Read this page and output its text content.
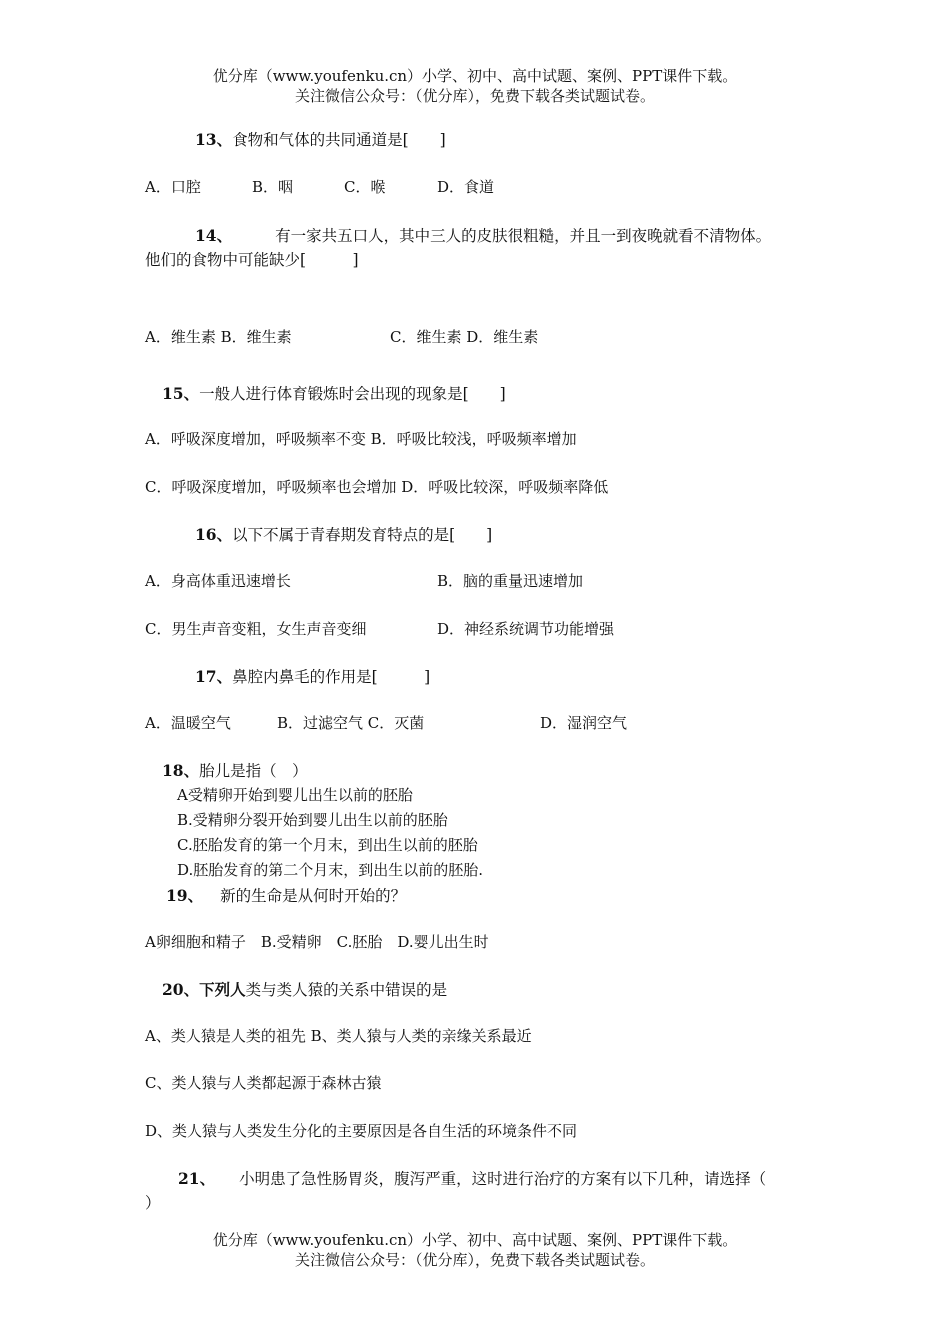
优分库（www.youfenku.cn）小学、初中、高中试题、案例、PPT课件下载。
关注微信公众号：（优分库），免费下载各类试题试卷。
13、食物和气体的共同通道是[　　]
A．口腔	B．咽	C．喉	D．食道
14、	有一家共五口人，其中三人的皮肤很粗糙，并且一到夜晚就看不清物体。
他们的食物中可能缺少[　　　]
A．维生素 B．维生素	C．维生素 D．维生素
15、一般人进行体育锻炼时会出现的现象是[　　]
A．呼吸深度增加，呼吸频率不变 B．呼吸比较浅，呼吸频率增加
C．呼吸深度增加，呼吸频率也会增加 D．呼吸比较深，呼吸频率降低
16、以下不属于青春期发育特点的是[　　]
A．身高体重迅速增长	B．脑的重量迅速增加
C．男生声音变粗，女生声音变细	D．神经系统调节功能增强
17、鼻腔内鼻毛的作用是[　　　]
A．温暖空气	B．过滤空气 C．灭菌	D．湿润空气
18、胎儿是指（　）
A受精卵开始到婴儿出生以前的胚胎
B.受精卵分裂开始到婴儿出生以前的胚胎
C.胚胎发育的第一个月末，到出生以前的胚胎
D.胚胎发育的第二个月末，到出生以前的胚胎.
19、 新的生命是从何时开始的？
A卵细胞和精子　B.受精卵　C.胚胎　D.婴儿出生时
20、下列人类与类人猿的关系中错误的是
A、类人猿是人类的祖先 B、类人猿与人类的亲缘关系最近
C、类人猿与人类都起源于森林古猿
D、类人猿与人类发生分化的主要原因是各自生活的环境条件不同
21、 小明患了急性肠胃炎，腹泻严重，这时进行治疗的方案有以下几种，请选择（
）
优分库（www.youfenku.cn）小学、初中、高中试题、案例、PPT课件下载。
关注微信公众号：（优分库），免费下载各类试题试卷。
